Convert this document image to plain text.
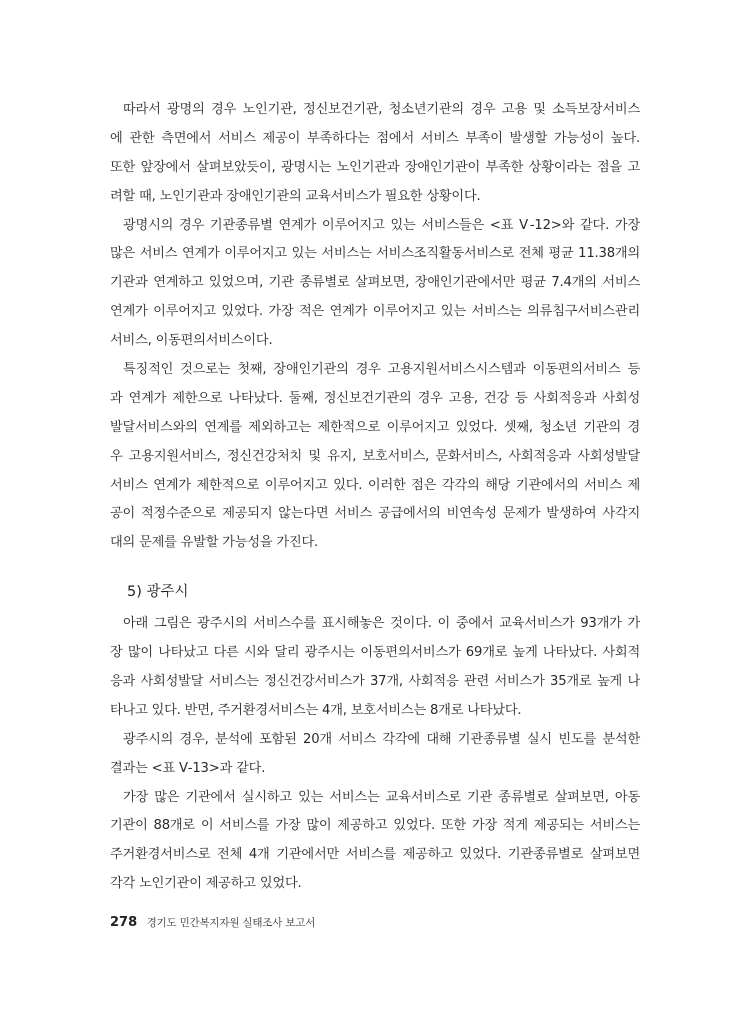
따라서 광명의 경우 노인기관, 정신보건기관, 청소년기관의 경우 고용 및 소득보장서비스
에 관한 측면에서 서비스 제공이 부족하다는 점에서 서비스 부족이 발생할 가능성이 높다.
또한 앞장에서 살펴보았듯이, 광명시는 노인기관과 장애인기관이 부족한 상황이라는 점을 고
려할 때, 노인기관과 장애인기관의 교육서비스가 필요한 상황이다.
광명시의 경우 기관종류별 연계가 이루어지고 있는 서비스들은 <표 Ⅴ-12>와 같다. 가장
많은 서비스 연계가 이루어지고 있는 서비스는 서비스조직활동서비스로 전체 평균 11.38개의
기관과 연계하고 있었으며, 기관 종류별로 살펴보면, 장애인기관에서만 평균 7.4개의 서비스
연계가 이루어지고 있었다. 가장 적은 연계가 이루어지고 있는 서비스는 의류침구서비스관리
서비스, 이동편의서비스이다.
특징적인 것으로는 첫째, 장애인기관의 경우 고용지원서비스시스템과 이동편의서비스 등
과 연계가 제한으로 나타났다. 둘째, 정신보건기관의 경우 고용, 건강 등 사회적응과 사회성
발달서비스와의 연계를 제외하고는 제한적으로 이루어지고 있었다. 셋째, 청소년 기관의 경
우 고용지원서비스, 정신건강처치 및 유지, 보호서비스, 문화서비스, 사회적응과 사회성발달
서비스 연계가 제한적으로 이루어지고 있다. 이러한 점은 각각의 해당 기관에서의 서비스 제
공이 적정수준으로 제공되지 않는다면 서비스 공급에서의 비연속성 문제가 발생하여 사각지
대의 문제를 유발할 가능성을 가진다.
5) 광주시
아래 그림은 광주시의 서비스수를 표시해놓은 것이다. 이 중에서 교육서비스가 93개가 가
장 많이 나타났고 다른 시와 달리 광주시는 이동편의서비스가 69개로 높게 나타났다. 사회적
응과 사회성발달 서비스는 정신건강서비스가 37개, 사회적응 관련 서비스가 35개로 높게 나
타나고 있다. 반면, 주거환경서비스는 4개, 보호서비스는 8개로 나타났다.
광주시의 경우, 분석에 포함된 20개 서비스 각각에 대해 기관종류별 실시 빈도를 분석한
결과는 <표 Ⅴ-13>과 같다.
가장 많은 기관에서 실시하고 있는 서비스는 교육서비스로 기관 종류별로 살펴보면, 아동
기관이 88개로 이 서비스를 가장 많이 제공하고 있었다. 또한 가장 적게 제공되는 서비스는
주거환경서비스로 전체 4개 기관에서만 서비스를 제공하고 있었다. 기관종류별로 살펴보면
각각 노인기관이 제공하고 있었다.
278 경기도 민간복지자원 실태조사 보고서
